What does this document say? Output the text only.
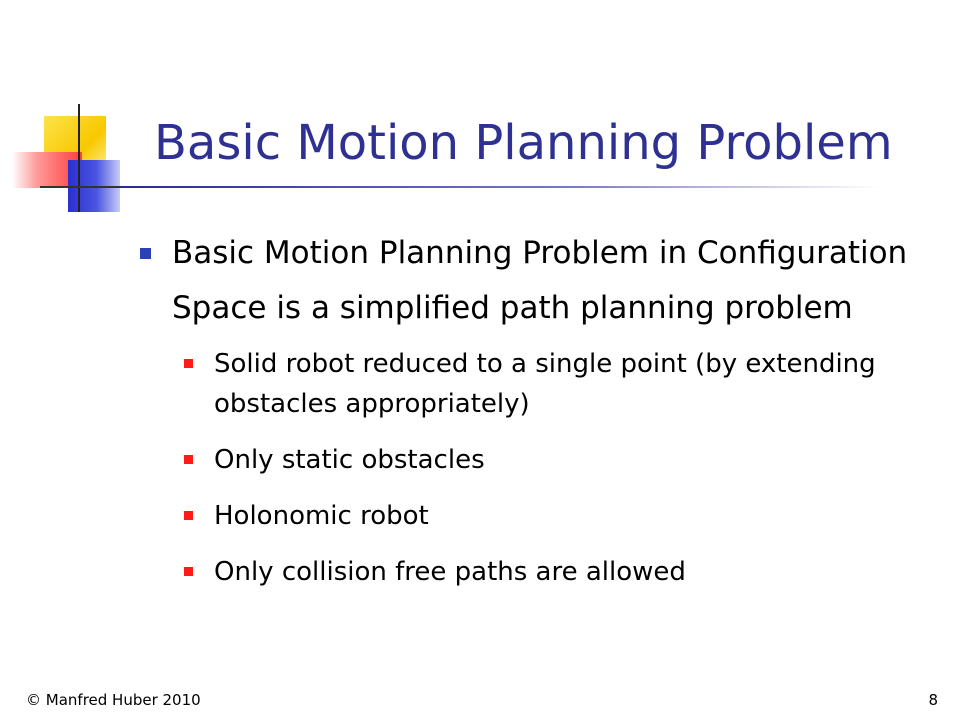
Basic Motion Planning Problem

Basic Motion Planning Problem in Configuration Space is a simplified path planning problem

Solid robot reduced to a single point (by extending obstacles appropriately)
Only static obstacles
Holonomic robot
Only collision free paths are allowed
© Manfred Huber 2010	8
